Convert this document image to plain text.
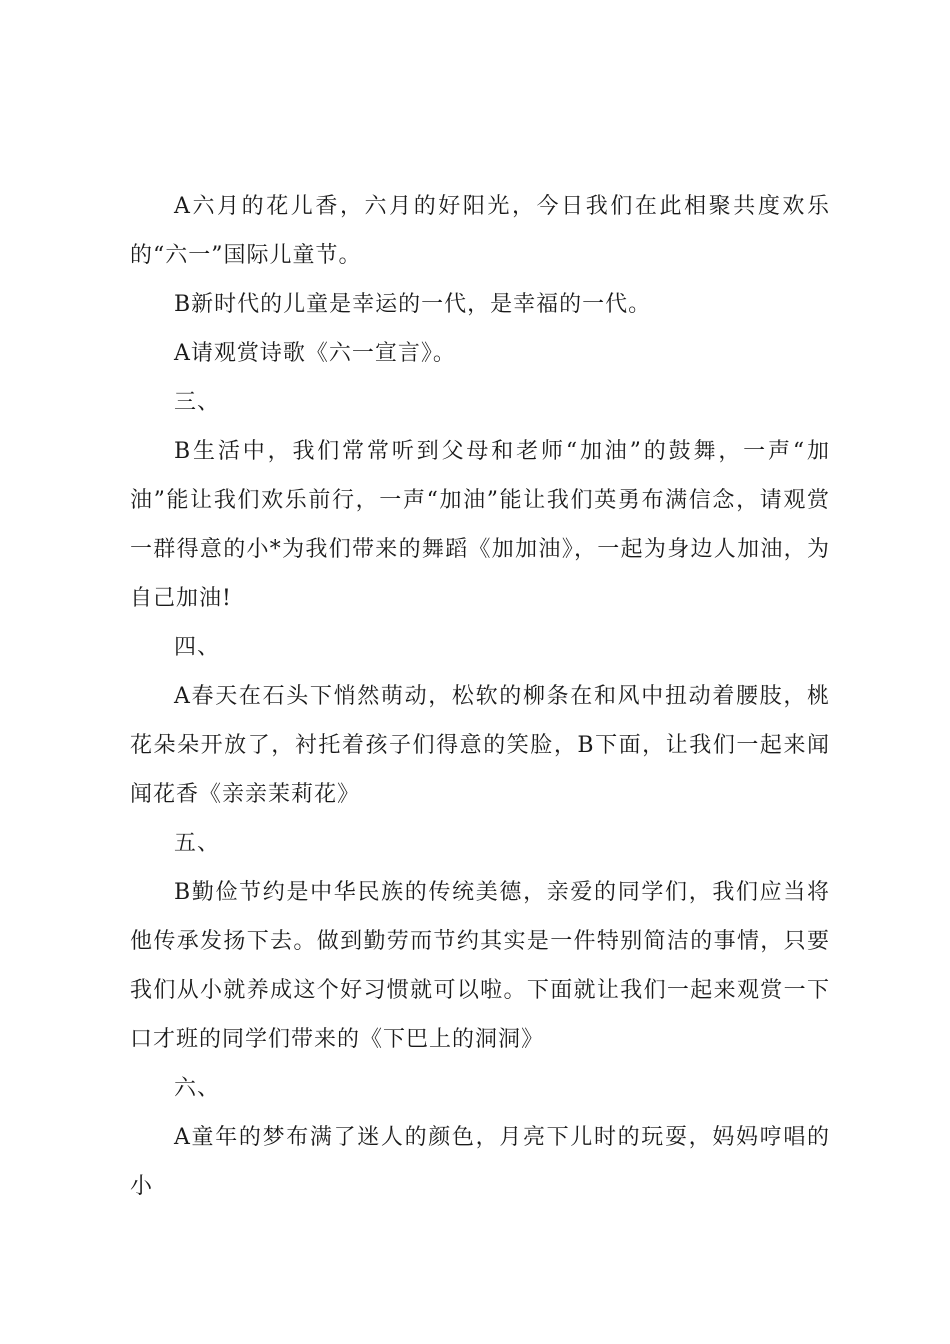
A六月的花儿香，六月的好阳光，今日我们在此相聚共度欢乐的“六一”国际儿童节。

B新时代的儿童是幸运的一代，是幸福的一代。

A请观赏诗歌《六一宣言》。

三、

B生活中，我们常常听到父母和老师“加油”的鼓舞，一声“加油”能让我们欢乐前行，一声“加油”能让我们英勇布满信念，请观赏一群得意的小*为我们带来的舞蹈《加加油》，一起为身边人加油，为自己加油!

四、

A春天在石头下悄然萌动，松软的柳条在和风中扭动着腰肢，桃花朵朵开放了，衬托着孩子们得意的笑脸，B下面，让我们一起来闻闻花香《亲亲茉莉花》

五、

B勤俭节约是中华民族的传统美德，亲爱的同学们，我们应当将他传承发扬下去。做到勤劳而节约其实是一件特别简洁的事情，只要我们从小就养成这个好习惯就可以啦。下面就让我们一起来观赏一下口才班的同学们带来的《下巴上的洞洞》

六、

A童年的梦布满了迷人的颜色，月亮下儿时的玩耍，妈妈哼唱的小
